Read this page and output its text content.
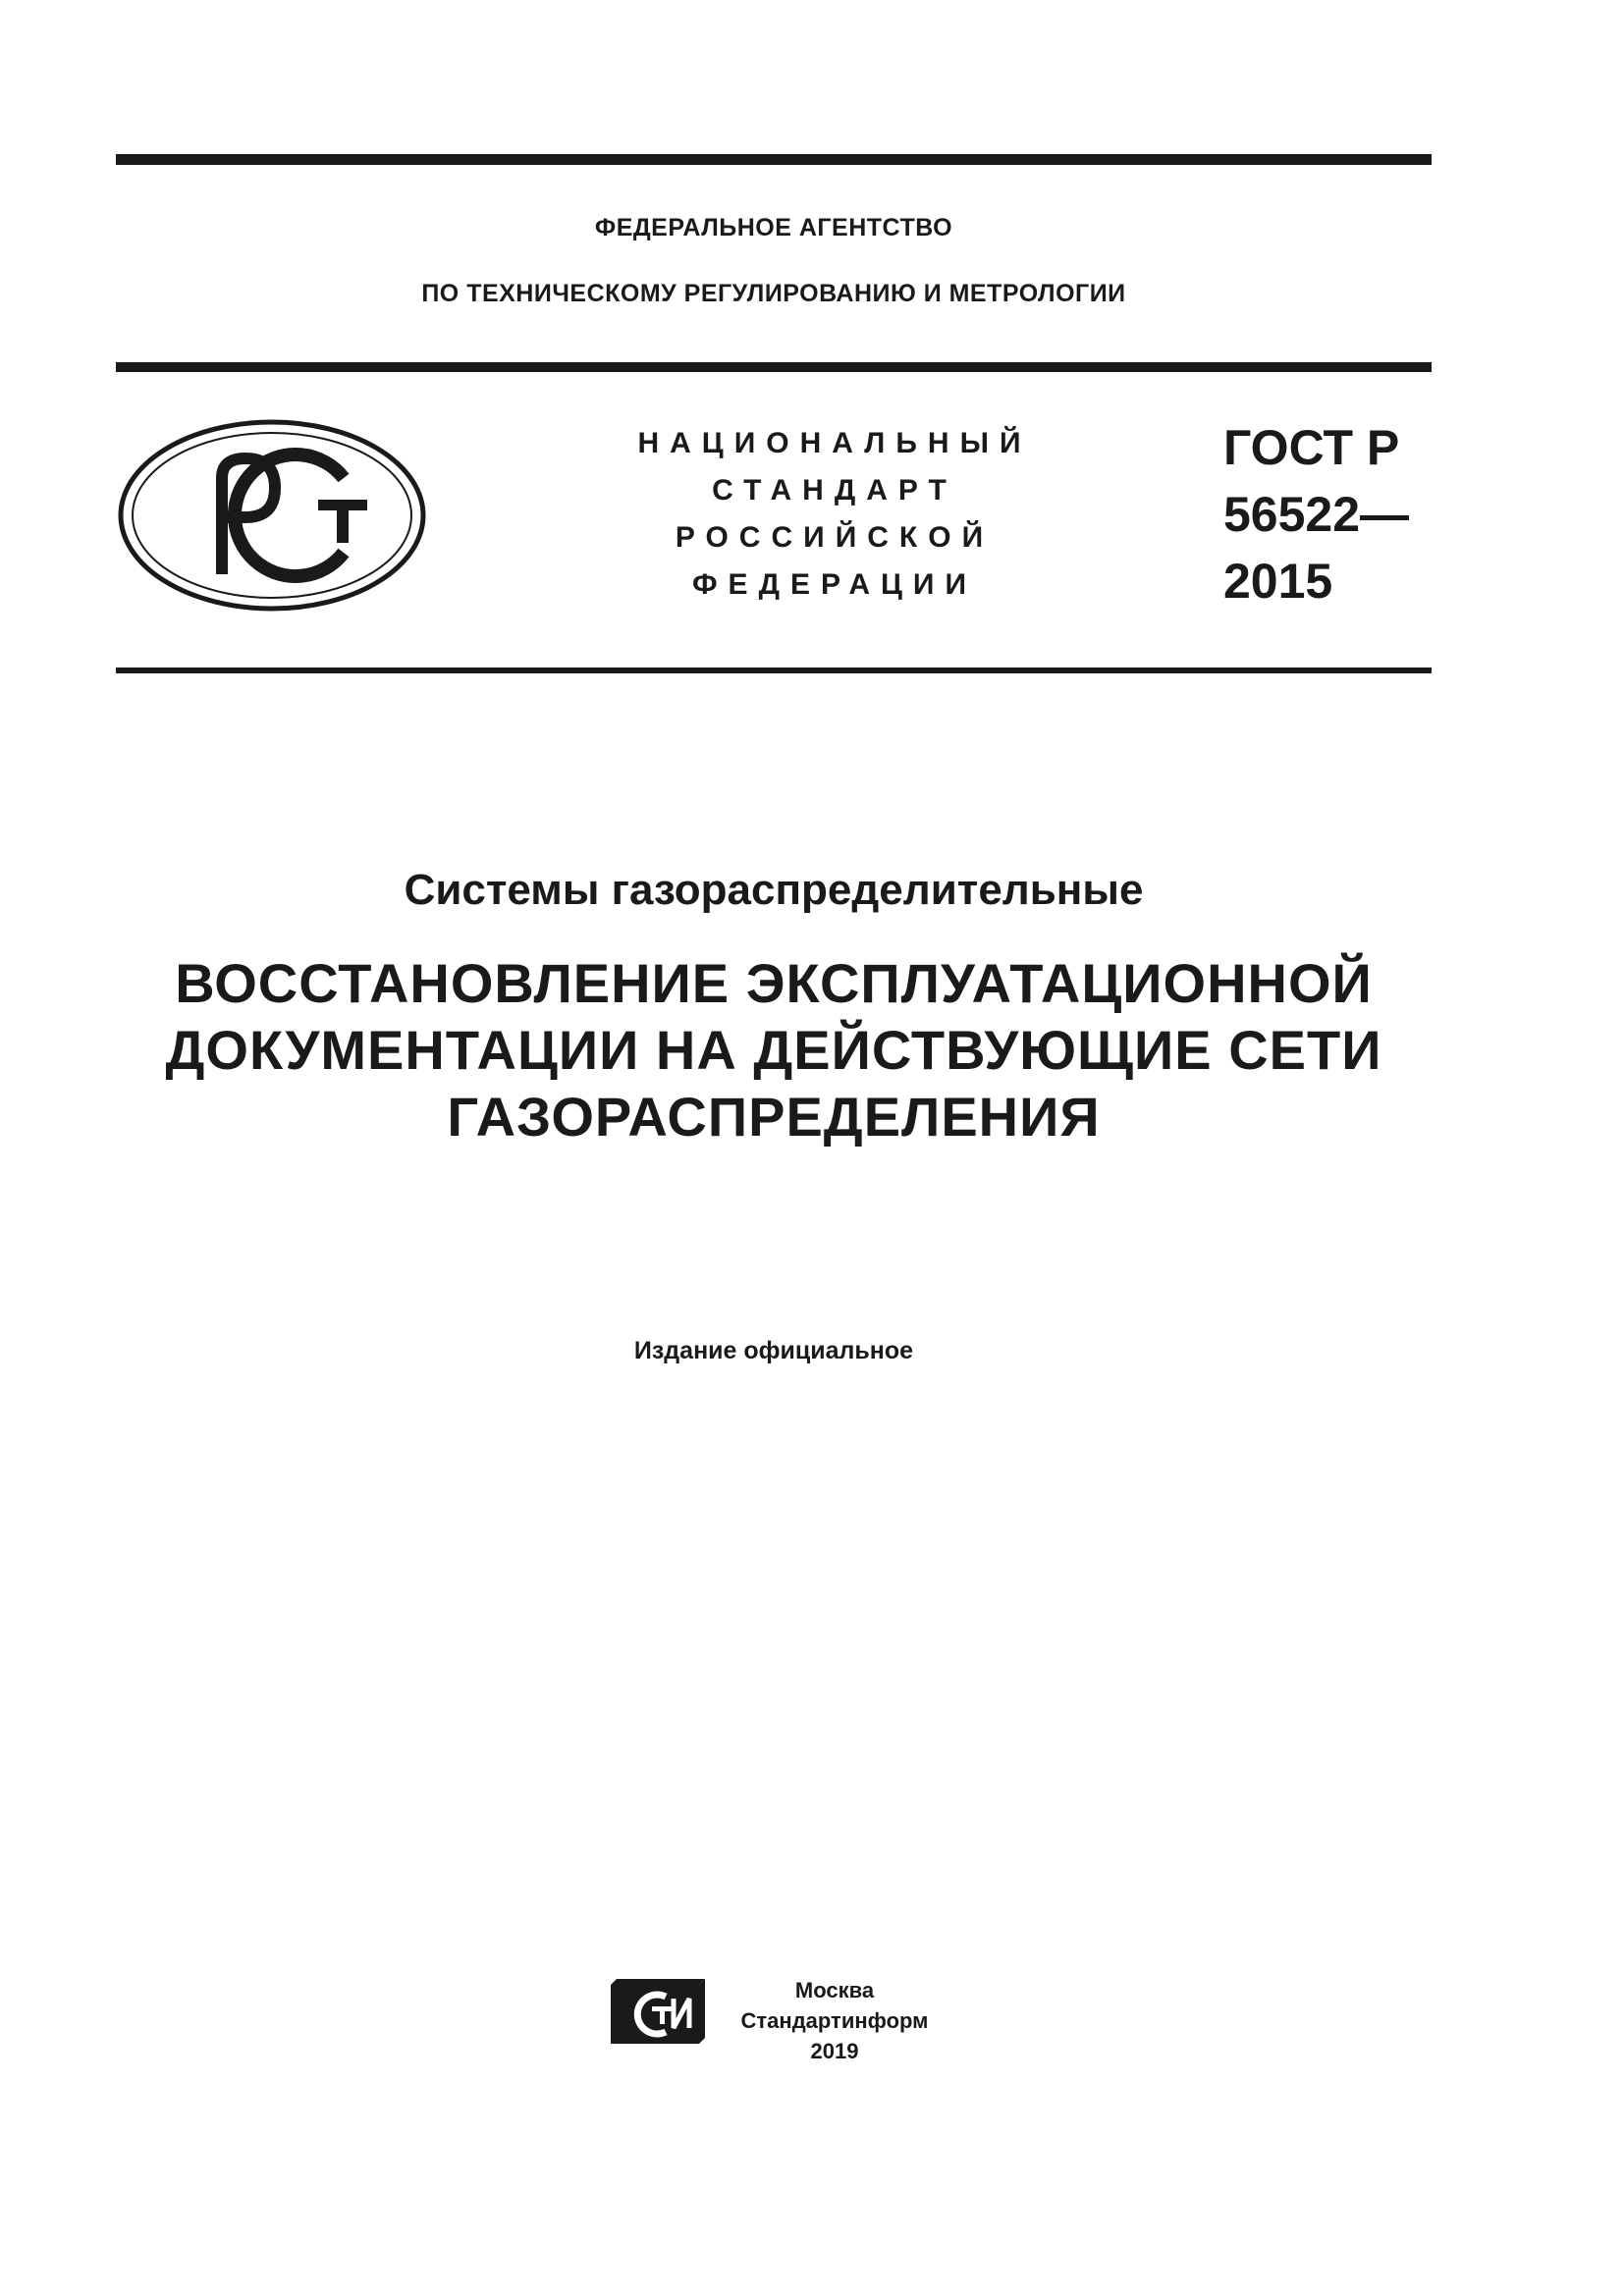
ФЕДЕРАЛЬНОЕ АГЕНТСТВО
ПО ТЕХНИЧЕСКОМУ РЕГУЛИРОВАНИЮ И МЕТРОЛОГИИ
НАЦИОНАЛЬНЫЙ
СТАНДАРТ
РОССИЙСКОЙ
ФЕДЕРАЦИИ
ГОСТ Р
56522—
2015
Системы газораспределительные
ВОССТАНОВЛЕНИЕ ЭКСПЛУАТАЦИОННОЙ
ДОКУМЕНТАЦИИ НА ДЕЙСТВУЮЩИЕ СЕТИ
ГАЗОРАСПРЕДЕЛЕНИЯ
Издание официальное
Москва
Стандартинформ
2019
